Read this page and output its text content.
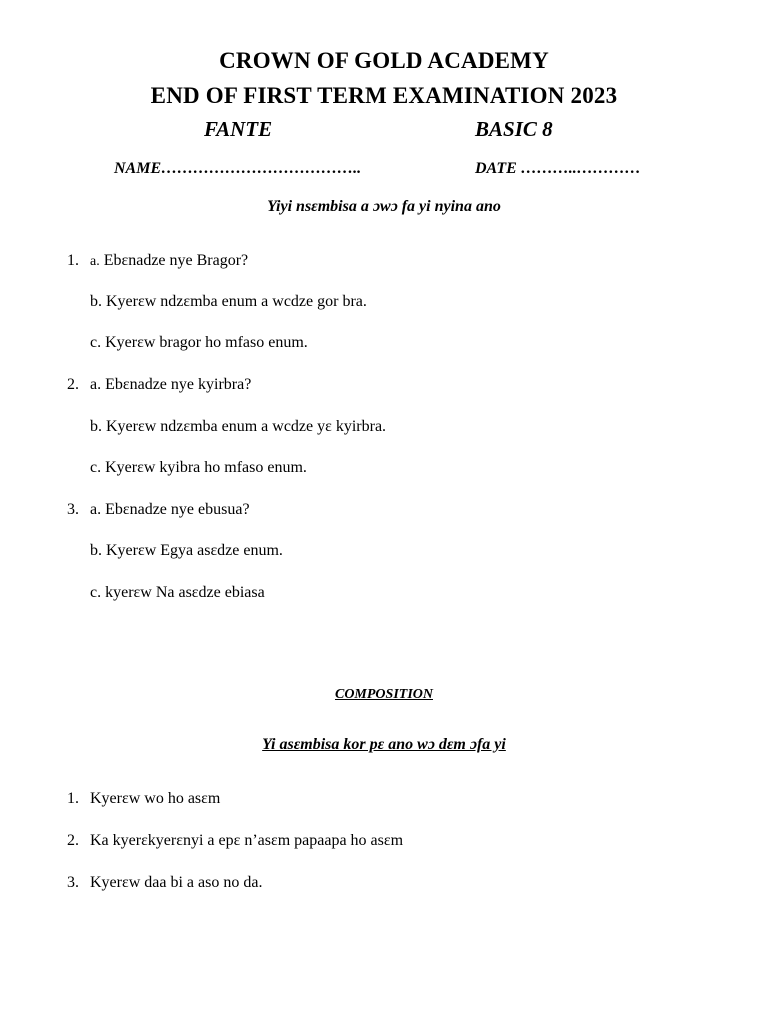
CROWN OF GOLD ACADEMY
END OF FIRST TERM EXAMINATION 2023
FANTE	BASIC 8
NAME………………………………..	DATE ………..…………
Yiyi nsɛmbisa a ɔwɔ fa yi nyina ano
1. a. Ebɛnadze nye Bragor?
b. Kyerɛw ndzɛmba enum a wcdze gor bra.
c. Kyerɛw bragor ho mfaso enum.
2. a. Ebɛnadze nye kyirbra?
b. Kyerɛw ndzɛmba enum a wcdze yɛ kyirbra.
c. Kyerɛw kyibra ho mfaso enum.
3. a. Ebɛnadze nye ebusua?
b. Kyerɛw Egya asɛdze enum.
c. kyerɛw Na asɛdze ebiasa
COMPOSITION
Yi asɛmbisa kor pɛ ano wɔ dɛm ɔfa yi
1. Kyerɛw wo ho asɛm
2. Ka kyerɛkyerɛnyi a epɛ n’asɛm papaapa ho asɛm
3. Kyerɛw daa bi a aso no da.
